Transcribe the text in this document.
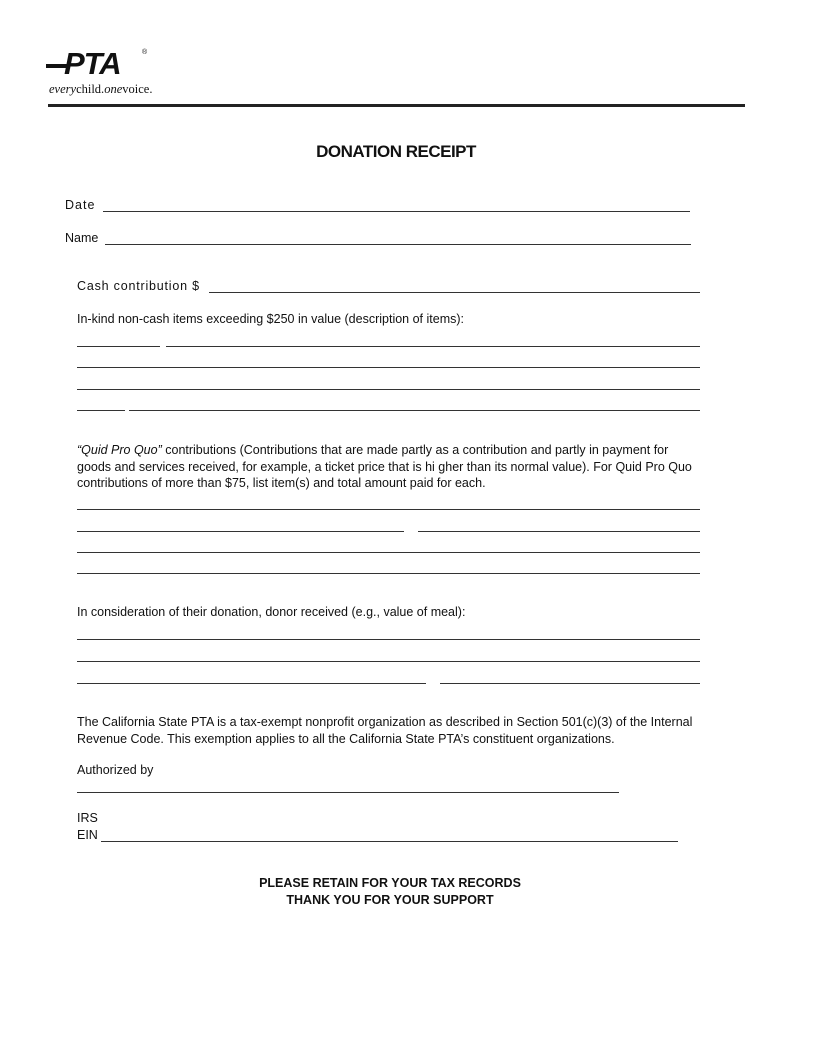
PTA	®
everychild.onevoice.
DONATION RECEIPT
Date
Name
Cash contribution $
In-kind non-cash items exceeding $250 in value (description of items):
“Quid Pro Quo” contributions (Contributions that are made partly as a contribution and partly in payment for goods and services received, for example, a ticket price that is hi gher than its normal value). For Quid Pro Quo contributions of more than $75, list item(s) and total amount paid for each.
In consideration of their donation, donor received (e.g., value of meal):
The California State PTA is a tax-exempt nonprofit organization as described in Section 501(c)(3) of the Internal Revenue Code. This exemption applies to all the California State PTA’s constituent organizations.
Authorized by
IRS
EIN
PLEASE RETAIN FOR YOUR TAX RECORDS
THANK YOU FOR YOUR SUPPORT
